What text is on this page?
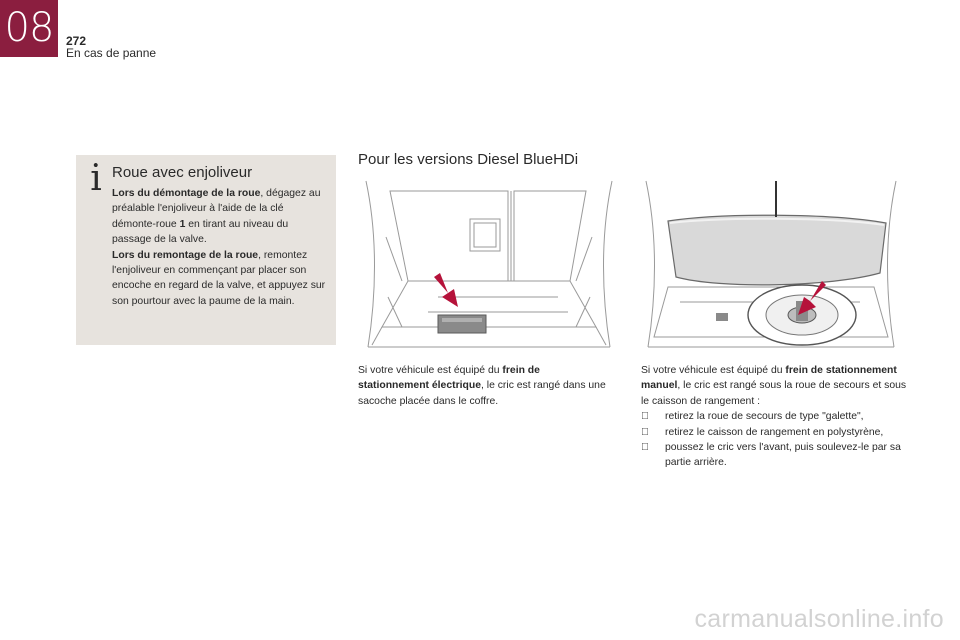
08	272
En cas de panne
i Roue avec enjoliveur
Lors du démontage de la roue, dégagez au préalable l'enjoliveur à l'aide de la clé démonte-roue 1 en tirant au niveau du passage de la valve.
Lors du remontage de la roue, remontez l'enjoliveur en commençant par placer son encoche en regard de la valve, et appuyez sur son pourtour avec la paume de la main.
Pour les versions Diesel BlueHDi
Si votre véhicule est équipé du frein de stationnement électrique, le cric est rangé dans une sacoche placée dans le coffre.
Si votre véhicule est équipé du frein de stationnement manuel, le cric est rangé sous la roue de secours et sous le caisson de rangement :
retirez la roue de secours de type "galette",
retirez le caisson de rangement en polystyrène,
poussez le cric vers l'avant, puis soulevez-le par sa partie arrière.
carmanualsonline.info
